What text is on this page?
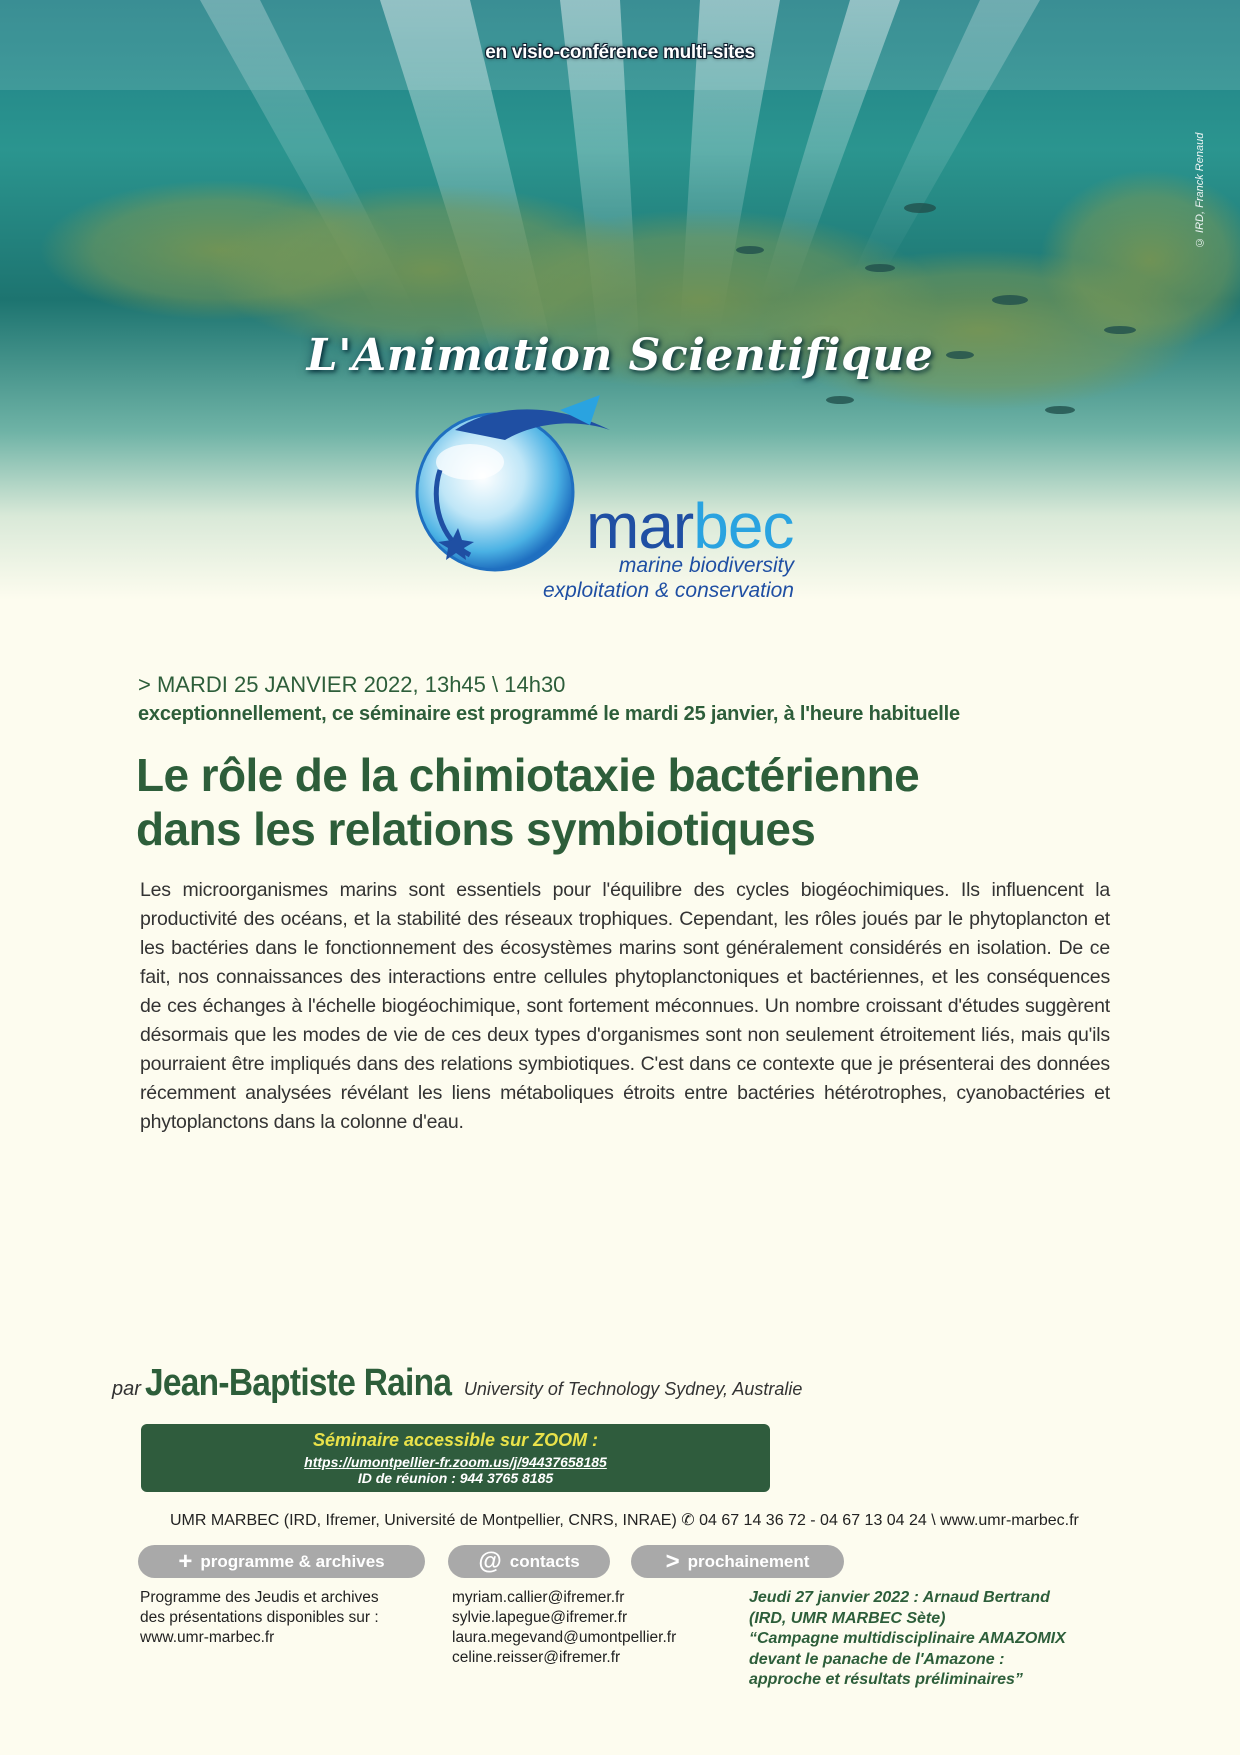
en visio-conférence multi-sites
© IRD, Franck Renaud
L'Animation Scientifique
marbec
marine biodiversity
exploitation & conservation
> MARDI 25 JANVIER 2022, 13h45 \ 14h30
exceptionnellement, ce séminaire est programmé le mardi 25 janvier, à l'heure habituelle
Le rôle de la chimiotaxie bactérienne
dans les relations symbiotiques
Les microorganismes marins sont essentiels pour l'équilibre des cycles biogéochimiques. Ils influencent la productivité des océans, et la stabilité des réseaux trophiques. Cependant, les rôles joués par le phytoplancton et les bactéries dans le fonctionnement des écosystèmes marins sont généralement considérés en isolation. De ce fait, nos connaissances des interactions entre cellules phytoplanctoniques et bactériennes, et les conséquences de ces échanges à l'échelle biogéochimique, sont fortement méconnues. Un nombre croissant d'études suggèrent désormais que les modes de vie de ces deux types d'organismes sont non seulement étroitement liés, mais qu'ils pourraient être impliqués dans des relations symbiotiques. C'est dans ce contexte que je présenterai des données récemment analysées révélant les liens métaboliques étroits entre bactéries hétérotrophes, cyanobactéries et phytoplanctons dans la colonne d'eau.
par Jean-Baptiste Raina University of Technology Sydney, Australie
Séminaire accessible sur ZOOM :
https://umontpellier-fr.zoom.us/j/94437658185
ID de réunion : 944 3765 8185
UMR MARBEC (IRD, Ifremer, Université de Montpellier, CNRS, INRAE) ✆ 04 67 14 36 72 - 04 67 13 04 24 \ www.umr-marbec.fr
+ programme & archives	@ contacts	> prochainement
Programme des Jeudis et archives
des présentations disponibles sur :
www.umr-marbec.fr
myriam.callier@ifremer.fr
sylvie.lapegue@ifremer.fr
laura.megevand@umontpellier.fr
celine.reisser@ifremer.fr
Jeudi 27 janvier 2022 : Arnaud Bertrand
(IRD, UMR MARBEC Sète)
“Campagne multidisciplinaire AMAZOMIX
devant le panache de l'Amazone :
approche et résultats préliminaires”
